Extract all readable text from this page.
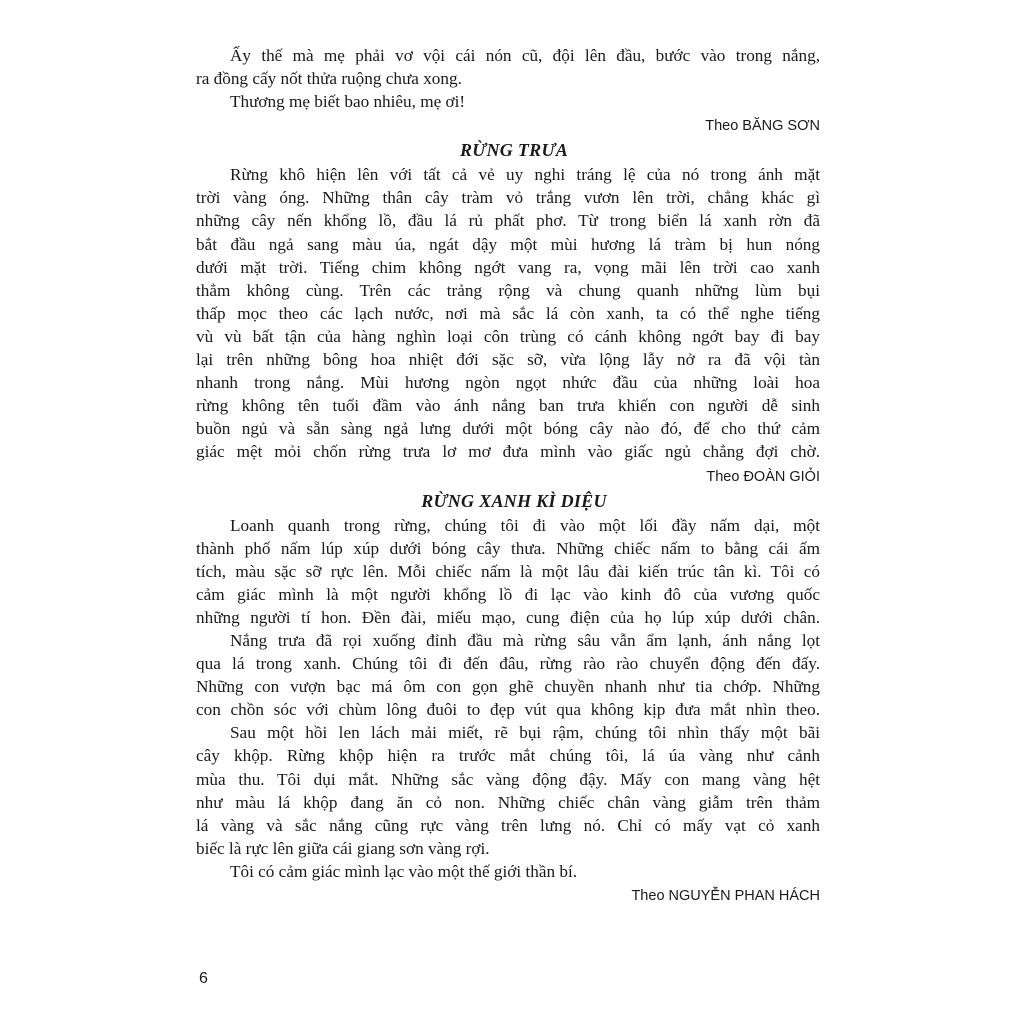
Ấy thế mà mẹ phải vơ vội cái nón cũ, đội lên đầu, bước vào trong nắng,
ra đồng cấy nốt thửa ruộng chưa xong.
Thương mẹ biết bao nhiêu, mẹ ơi!
Theo BĂNG SƠN
RỪNG TRƯA
Rừng khô hiện lên với tất cả vẻ uy nghi tráng lệ của nó trong ánh mặt
trời vàng óng. Những thân cây tràm vỏ trắng vươn lên trời, chẳng khác gì
những cây nến khổng lồ, đầu lá rủ phất phơ. Từ trong biển lá xanh rờn đã
bắt đầu ngả sang màu úa, ngát dậy một mùi hương lá tràm bị hun nóng
dưới mặt trời. Tiếng chim không ngớt vang ra, vọng mãi lên trời cao xanh
thẳm không cùng. Trên các trảng rộng và chung quanh những lùm bụi
thấp mọc theo các lạch nước, nơi mà sắc lá còn xanh, ta có thể nghe tiếng
vù vù bất tận của hàng nghìn loại côn trùng có cánh không ngớt bay đi bay
lại trên những bông hoa nhiệt đới sặc sỡ, vừa lộng lẫy nở ra đã vội tàn
nhanh trong nắng. Mùi hương ngòn ngọt nhức đầu của những loài hoa
rừng không tên tuổi đầm vào ánh nắng ban trưa khiến con người dễ sinh
buồn ngủ và sẵn sàng ngả lưng dưới một bóng cây nào đó, để cho thứ cảm
giác mệt mỏi chốn rừng trưa lơ mơ đưa mình vào giấc ngủ chẳng đợi chờ.
Theo ĐOÀN GIỎI
RỪNG XANH KÌ DIỆU
Loanh quanh trong rừng, chúng tôi đi vào một lối đầy nấm dại, một
thành phố nấm lúp xúp dưới bóng cây thưa. Những chiếc nấm to bằng cái ấm
tích, màu sặc sỡ rực lên. Mỗi chiếc nấm là một lâu đài kiến trúc tân kì. Tôi có
cảm giác mình là một người khổng lồ đi lạc vào kinh đô của vương quốc
những người tí hon. Đền đài, miếu mạo, cung điện của họ lúp xúp dưới chân.
Nắng trưa đã rọi xuống đỉnh đầu mà rừng sâu vẫn ẩm lạnh, ánh nắng lọt
qua lá trong xanh. Chúng tôi đi đến đâu, rừng rào rào chuyển động đến đấy.
Những con vượn bạc má ôm con gọn ghẽ chuyền nhanh như tia chớp. Những
con chồn sóc với chùm lông đuôi to đẹp vút qua không kịp đưa mắt nhìn theo.
Sau một hồi len lách mải miết, rẽ bụi rậm, chúng tôi nhìn thấy một bãi
cây khộp. Rừng khộp hiện ra trước mắt chúng tôi, lá úa vàng như cảnh
mùa thu. Tôi dụi mắt. Những sắc vàng động đậy. Mấy con mang vàng hệt
như màu lá khộp đang ăn cỏ non. Những chiếc chân vàng giẫm trên thảm
lá vàng và sắc nắng cũng rực vàng trên lưng nó. Chỉ có mấy vạt cỏ xanh
biếc là rực lên giữa cái giang sơn vàng rợi.
Tôi có cảm giác mình lạc vào một thế giới thần bí.
Theo NGUYỄN PHAN HÁCH
6
